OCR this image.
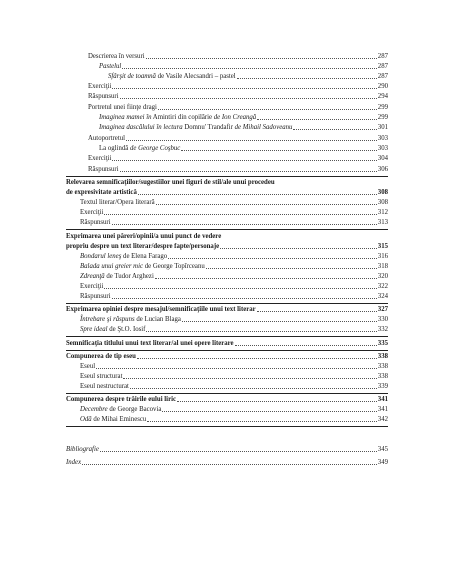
Descrierea în versuri	287
Pastelul	287
Sfârşit de toamnă de Vasile Alecsandri – pastel	287
Exerciţii	290
Răspunsuri	294
Portretul unei fiinţe dragi	299
Imaginea mamei în Amintiri din copilărie de Ion Creangă	299
Imaginea dascălului în lectura Domnu' Trandafir de Mihail Sadoveanu	301
Autoportretul	303
La oglindă de George Coşbuc	303
Exerciţii	304
Răspunsuri	306
Relevarea semnificaţiilor/sugestiilor unei figuri de stil/ale unui procedeu
de expresivitate artistică	308
Textul literar/Opera literară	308
Exerciţii	312
Răspunsuri	313
Exprimarea unei păreri/opinii/a unui punct de vedere
propriu despre un text literar/despre fapte/personaje	315
Bondarul leneş de Elena Farago	316
Balada unui greier mic de George Topîrceanu	318
Zdreanţă de Tudor Arghezi	320
Exerciţii	322
Răspunsuri	324
Exprimarea opiniei despre mesajul/semnificaţiile unui text literar	327
Întrebare şi răspuns de Lucian Blaga	330
Spre ideal de Şt.O. Iosif	332
Semnificaţia titlului unui text literar/al unei opere literare	335
Compunerea de tip eseu	338
Eseul	338
Eseul structurat	338
Eseul nestructurat	339
Compunerea despre trăirile eului liric	341
Decembre de George Bacovia	341
Odă de Mihai Eminescu	342
Bibliografie	345
Index	349
